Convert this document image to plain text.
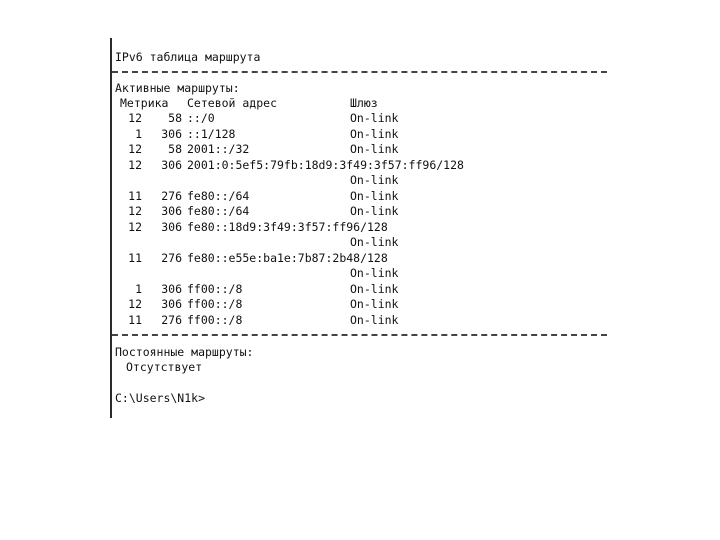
IPv6 таблица маршрута
Активные маршруты:
Метрика Сетевой адрес	Шлюз
12	58 ::/0	On-link
1	306 ::1/128	On-link
12	58 2001::/32	On-link
12	306 2001:0:5ef5:79fb:18d9:3f49:3f57:ff96/128
On-link
11	276 fe80::/64	On-link
12	306 fe80::/64	On-link
12	306 fe80::18d9:3f49:3f57:ff96/128
On-link
11	276 fe80::e55e:ba1e:7b87:2b48/128
On-link
1	306 ff00::/8	On-link
12	306 ff00::/8	On-link
11	276 ff00::/8	On-link
Постоянные маршруты:
Отсутствует
C:\Users\N1k>
